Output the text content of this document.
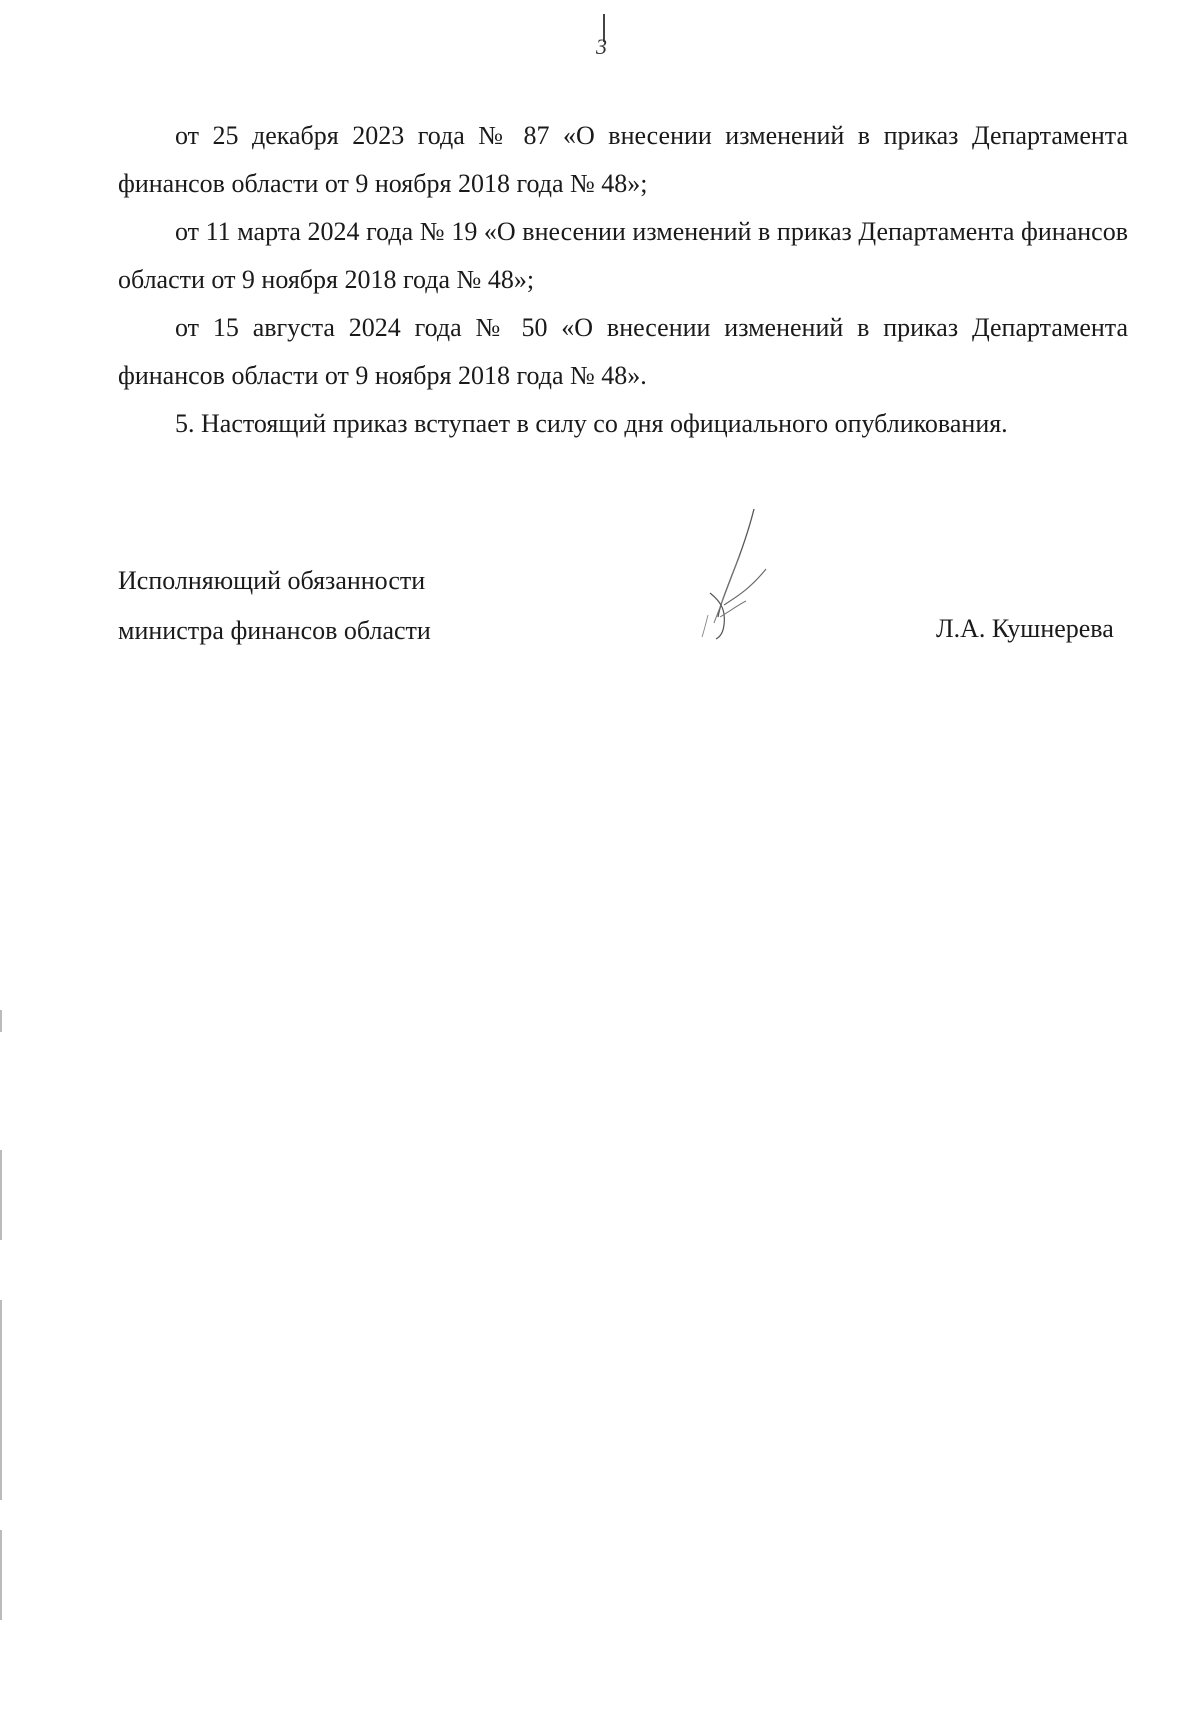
3

от 25 декабря 2023 года № 87 «О внесении изменений в приказ Департамента финансов области от 9 ноября 2018 года № 48»;

от 11 марта 2024 года № 19 «О внесении изменений в приказ Департамента финансов области от 9 ноября 2018 года № 48»;

от 15 августа 2024 года № 50 «О внесении изменений в приказ Департамента финансов области от 9 ноября 2018 года № 48».

5. Настоящий приказ вступает в силу со дня официального опубликования.

Исполняющий обязанности
министра финансов области	Л.А. Кушнерева
